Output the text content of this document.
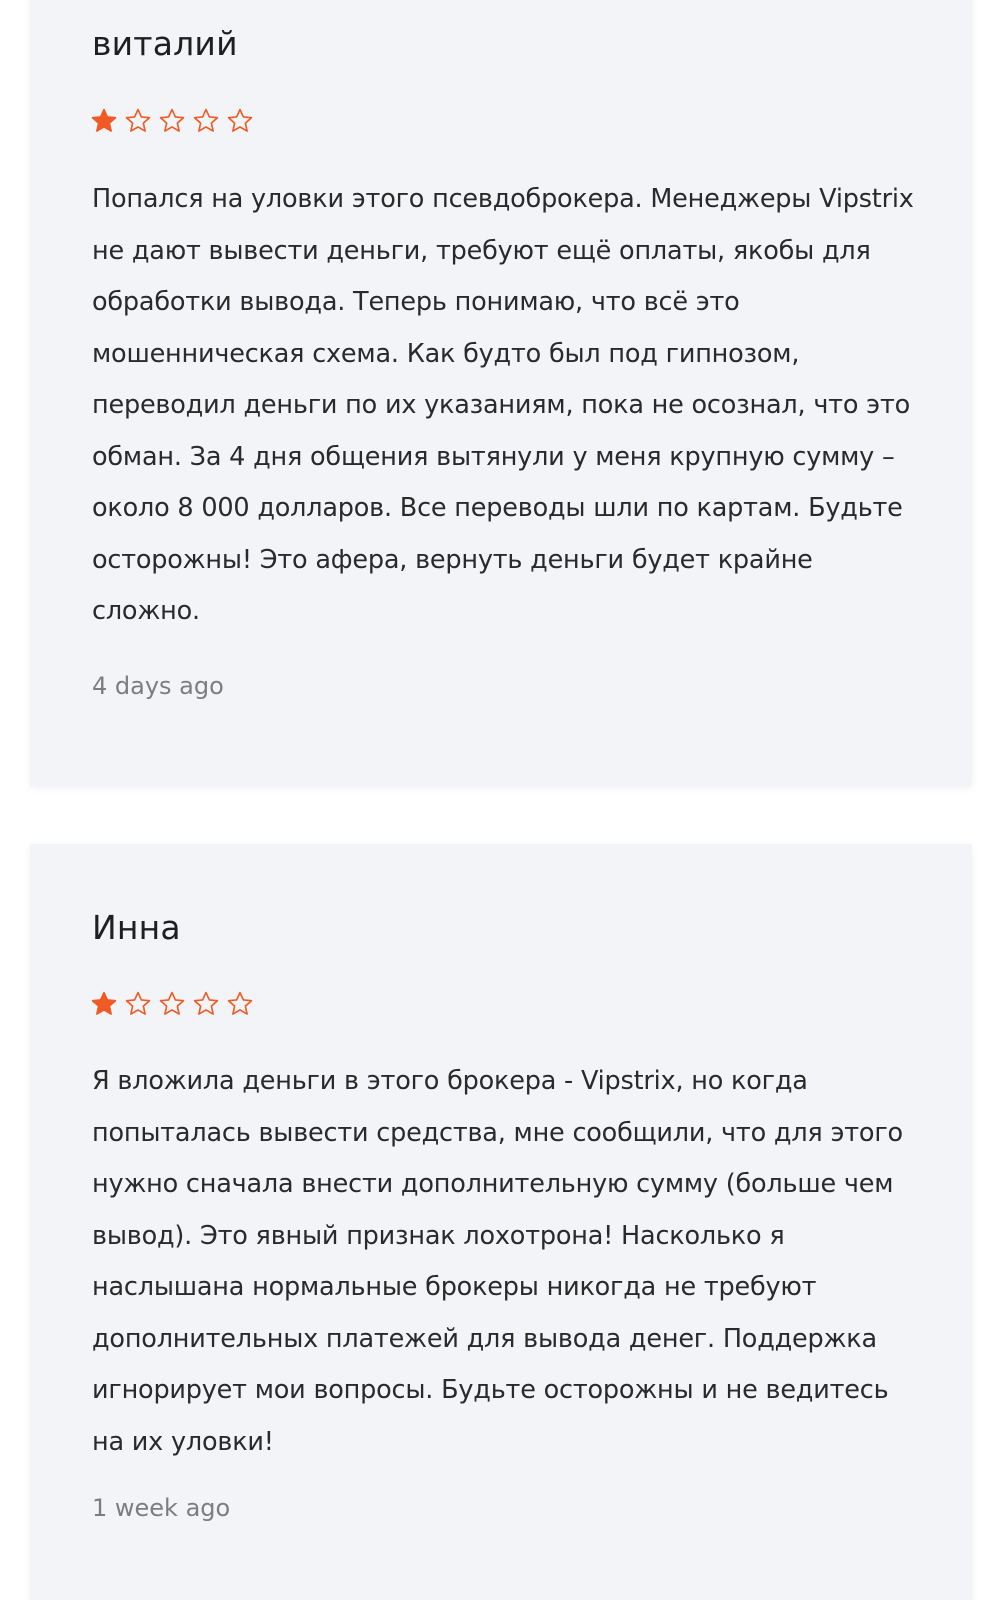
виталий

Попался на уловки этого псевдоброкера. Менеджеры Vipstrix не дают вывести деньги, требуют ещё оплаты, якобы для обработки вывода. Теперь понимаю, что всё это мошенническая схема. Как будто был под гипнозом, переводил деньги по их указаниям, пока не осознал, что это обман. За 4 дня общения вытянули у меня крупную сумму – около 8 000 долларов. Все переводы шли по картам. Будьте осторожны! Это афера, вернуть деньги будет крайне сложно.

4 days ago

Инна

Я вложила деньги в этого брокера - Vipstrix, но когда попыталась вывести средства, мне сообщили, что для этого нужно сначала внести дополнительную сумму (больше чем вывод). Это явный признак лохотрона! Насколько я наслышана нормальные брокеры никогда не требуют дополнительных платежей для вывода денег. Поддержка игнорирует мои вопросы. Будьте осторожны и не ведитесь на их уловки!

1 week ago
